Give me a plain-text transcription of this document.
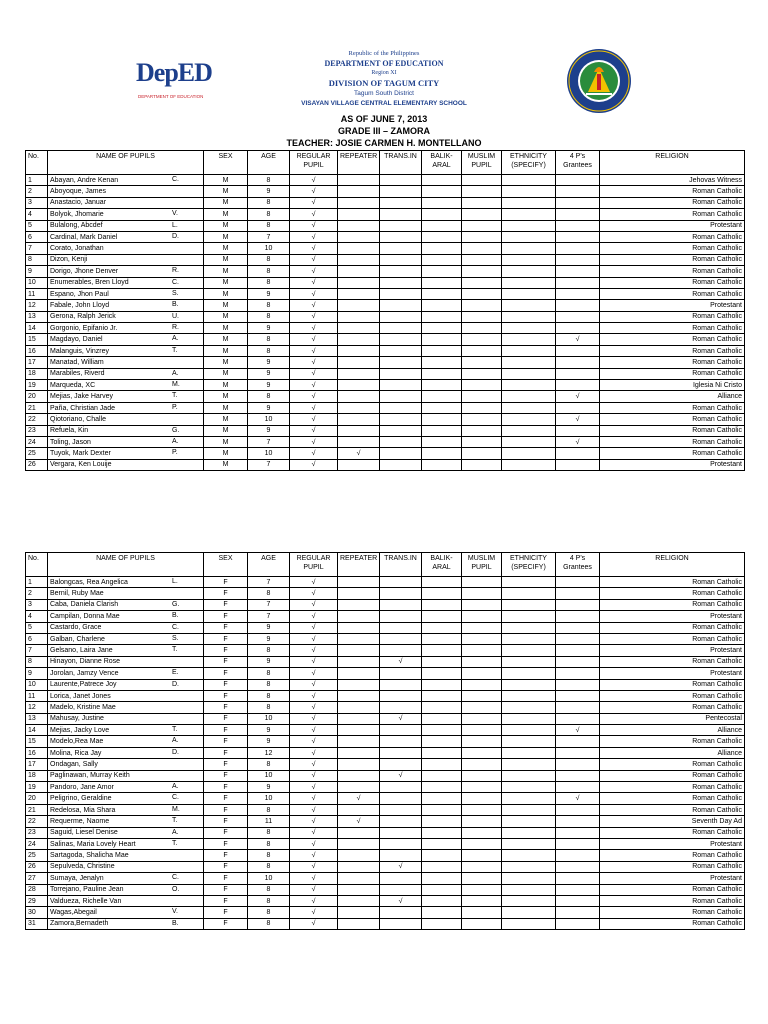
DepED
DEPARTMENT OF EDUCATION
Republic of the Philippines
DEPARTMENT OF EDUCATION
Region XI
DIVISION OF TAGUM CITY
Tagum South District
VISAYAN VILLAGE CENTRAL ELEMENTARY SCHOOL
AS OF JUNE 7, 2013
GRADE III – ZAMORA
TEACHER: JOSIE CARMEN H. MONTELLANO
No.	NAME OF PUPILS	SEX	AGE	REGULAR PUPIL	REPEATER	TRANS.IN	BALIK-ARAL	MUSLIM PUPIL	ETHNICITY (SPECIFY)	4 P's Grantees	RELIGION
1	Abayan, Andre Kenan C.	M	8	√							Jehovas Witness
2	Aboyoque, James	M	9	√							Roman Catholic
3	Anastacio, Januar	M	8	√							Roman Catholic
4	Bolyok, Jhomarie V.	M	8	√							Roman Catholic
5	Bulalong, Abcdef L.	M	8	√							Protestant
6	Cardinal, Mark Daniel D.	M	7	√							Roman Catholic
7	Corato, Jonathan	M	10	√							Roman Catholic
8	Dizon, Kenji	M	8	√							Roman Catholic
9	Dorigo, Jhone Denver R.	M	8	√							Roman Catholic
10	Enumerables, Bren Lloyd C.	M	8	√							Roman Catholic
11	Espano, Jhon Paul S.	M	9	√							Roman Catholic
12	Fabale, John Lloyd B.	M	8	√							Protestant
13	Gerona, Ralph Jerick U.	M	8	√							Roman Catholic
14	Gorgonio, Epifanio Jr. R.	M	9	√							Roman Catholic
15	Magdayo, Daniel A.	M	8	√						√	Roman Catholic
16	Malanguis, Vinzrey T.	M	8	√							Roman Catholic
17	Manatad, William	M	9	√							Roman Catholic
18	Marabiles, Riverd A.	M	9	√							Roman Catholic
19	Marqueda, XC M.	M	9	√							Iglesia Ni Cristo
20	Mejias, Jake Harvey T.	M	8	√						√	Alliance
21	Paña, Christian Jade P.	M	9	√							Roman Catholic
22	Qiotoriano, Challe	M	10	√						√	Roman Catholic
23	Refuela, Kin G.	M	9	√							Roman Catholic
24	Toling, Jason A.	M	7	√						√	Roman Catholic
25	Tuyok, Mark Dexter P.	M	10	√	√						Roman Catholic
26	Vergara, Ken Louije	M	7	√							Protestant
No.	NAME OF PUPILS	SEX	AGE	REGULAR PUPIL	REPEATER	TRANS.IN	BALIK-ARAL	MUSLIM PUPIL	ETHNICITY (SPECIFY)	4 P's Grantees	RELIGION
1	Balongcas, Rea Angelica L.	F	7	√							Roman Catholic
2	Bernil, Ruby Mae	F	8	√							Roman Catholic
3	Caba, Daniela Clarish G.	F	7	√							Roman Catholic
4	Campilan, Donna Mae B.	F	7	√							Protestant
5	Castardo, Grace C.	F	9	√							Roman Catholic
6	Galban, Charlene S.	F	9	√							Roman Catholic
7	Gelsano, Laira Jane T.	F	8	√							Protestant
8	Hinayon, Dianne Rose	F	9	√		√					Roman Catholic
9	Jorolan, Jamzy Vence E.	F	8	√							Protestant
10	Laurente,Patrece Joy D.	F	8	√							Roman Catholic
11	Lorica, Janet Jones	F	8	√							Roman Catholic
12	Madelo, Kristine Mae	F	8	√							Roman Catholic
13	Mahusay, Justine	F	10	√		√					Pentecostal
14	Mejias, Jacky Love T.	F	9	√						√	Alliance
15	Modelo,Rea Mae A.	F	9	√							Roman Catholic
16	Molina, Rica Jay D.	F	12	√							Alliance
17	Ondagan, Sally	F	8	√							Roman Catholic
18	Paglinawan, Murray Keith	F	10	√		√					Roman Catholic
19	Pandoro, Jane Amor A.	F	9	√							Roman Catholic
20	Peligrino, Geraldine C.	F	10	√	√					√	Roman Catholic
21	Redelosa, Mia Shara M.	F	8	√							Roman Catholic
22	Requerme, Naome T.	F	11	√	√						Seventh Day Ad
23	Saguid, Liesel Denise A.	F	8	√							Roman Catholic
24	Salinas, Maria Lovely Heart T.	F	8	√							Protestant
25	Sartagoda, Shalicha Mae	F	8	√							Roman Catholic
26	Sepulveda, Christine	F	8	√		√					Roman Catholic
27	Sumaya, Jenalyn C.	F	10	√							Protestant
28	Torrejano, Pauline Jean O.	F	8	√							Roman Catholic
29	Valdueza, Richelle Van	F	8	√		√					Roman Catholic
30	Wagas,Abegail V.	F	8	√							Roman Catholic
31	Zamora,Bernadeth B.	F	8	√							Roman Catholic
